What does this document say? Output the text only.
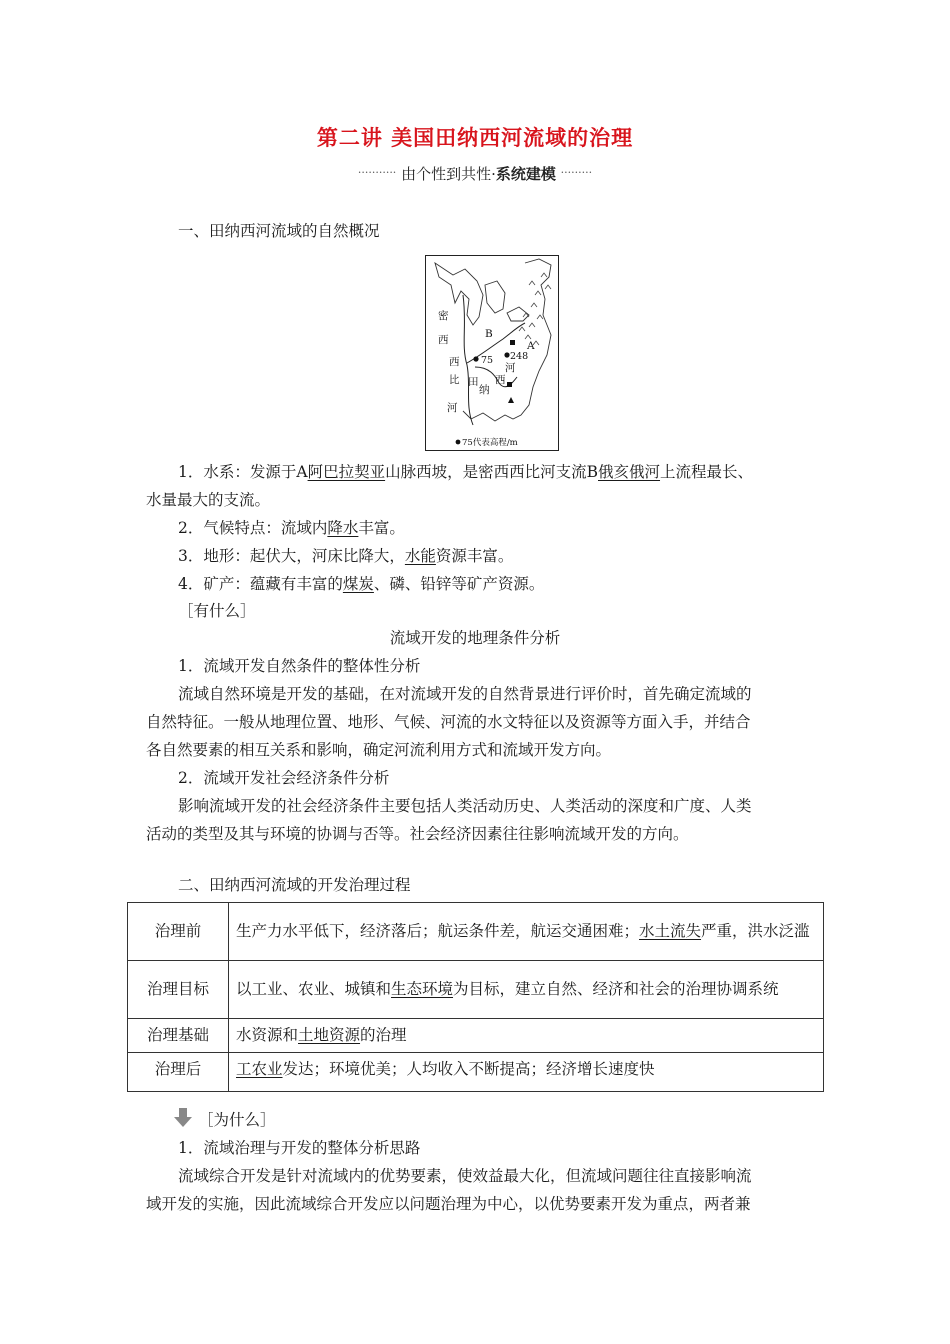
第二讲 美国田纳西河流域的治理
··········· 由个性到共性·系统建模 ·········
一、田纳西河流域的自然概况
密
西
西
比
河
田
纳
河
西
B
A
75 248
75代表高程/m
1．水系：发源于A阿巴拉契亚山脉西坡，是密西西比河支流B俄亥俄河上流程最长、
水量最大的支流。
2．气候特点：流域内降水丰富。
3．地形：起伏大，河床比降大，水能资源丰富。
4．矿产：蕴藏有丰富的煤炭、磷、铅锌等矿产资源。
［有什么］
流域开发的地理条件分析
1．流域开发自然条件的整体性分析
流域自然环境是开发的基础，在对流域开发的自然背景进行评价时，首先确定流域的
自然特征。一般从地理位置、地形、气候、河流的水文特征以及资源等方面入手，并结合
各自然要素的相互关系和影响，确定河流利用方式和流域开发方向。
2．流域开发社会经济条件分析
影响流域开发的社会经济条件主要包括人类活动历史、人类活动的深度和广度、人类
活动的类型及其与环境的协调与否等。社会经济因素往往影响流域开发的方向。
二、田纳西河流域的开发治理过程
治理前	生产力水平低下，经济落后；航运条件差，航运交通困难；水土流失严重，洪水泛滥
治理目标	以工业、农业、城镇和生态环境为目标，建立自然、经济和社会的治理协调系统
治理基础	水资源和土地资源的治理
治理后	工农业发达；环境优美；人均收入不断提高；经济增长速度快
［为什么］
1．流域治理与开发的整体分析思路
流域综合开发是针对流域内的优势要素，使效益最大化，但流域问题往往直接影响流
域开发的实施，因此流域综合开发应以问题治理为中心，以优势要素开发为重点，两者兼
